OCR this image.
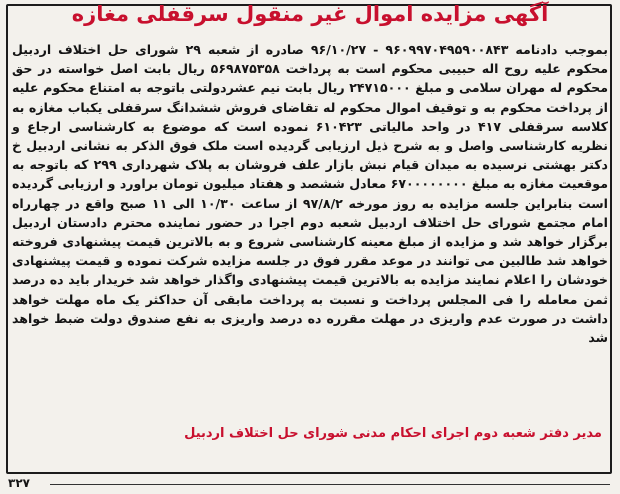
آگهی مزایده اموال غیر منقول سرقفلی مغازه

بموجب دادنامه ۹۶۰۹۹۷۰۴۹۵۹۰۰۸۴۳ - ۹۶/۱۰/۲۷ صادره از شعبه ۲۹ شورای حل اختلاف اردبیل محکوم علیه روح اله حبیبی محکوم است به پرداخت ۵۶۹۸۷۵۳۵۸ ریال بابت اصل خواسته در حق محکوم له مهران سلامی و مبلغ ۲۴۷۱۵۰۰۰ ریال بابت نیم عشردولتی باتوجه به امتناع محکوم علیه از پرداخت محکوم به و توقیف اموال محکوم له تقاضای فروش ششدانگ سرقفلی یکباب مغازه به کلاسه سرقفلی ۴۱۷ در واحد مالیاتی ۶۱۰۴۲۳ نموده است که موضوع به کارشناسی ارجاع و نظریه کارشناسی واصل و به شرح ذیل ارزیابی گردیده است ملک فوق الذکر به نشانی اردبیل خ دکتر بهشتی نرسیده به میدان قیام نبش بازار علف فروشان به پلاک شهرداری ۲۹۹ که باتوجه به موقعیت مغازه به مبلغ ۶۷۰۰۰۰۰۰۰۰ معادل ششصد و هفتاد میلیون تومان براورد و ارزیابی گردیده است بنابراین جلسه مزایده به روز مورخه ۹۷/۸/۲ از ساعت ۱۰/۳۰ الی ۱۱ صبح واقع در چهارراه امام مجتمع شورای حل اختلاف اردبیل شعبه دوم اجرا در حضور نماینده محترم دادستان اردبیل برگزار خواهد شد و مزایده از مبلغ معینه کارشناسی شروع و به بالاترین قیمت پیشنهادی فروخته خواهد شد طالبین می توانند در موعد مقرر فوق در جلسه مزایده شرکت نموده و قیمت پیشنهادی خودشان را اعلام نمایند مزایده به بالاترین قیمت پیشنهادی واگذار خواهد شد خریدار باید ده درصد ثمن معامله را فی المجلس پرداخت و نسبت به پرداخت مابقی آن حداکثر یک ماه مهلت خواهد داشت در صورت عدم واریزی در مهلت مقرره ده درصد واریزی به نفع صندوق دولت ضبط خواهد شد

مدیر دفتر شعبه دوم اجرای احکام مدنی شورای حل اختلاف اردبیل
۳۲۷
